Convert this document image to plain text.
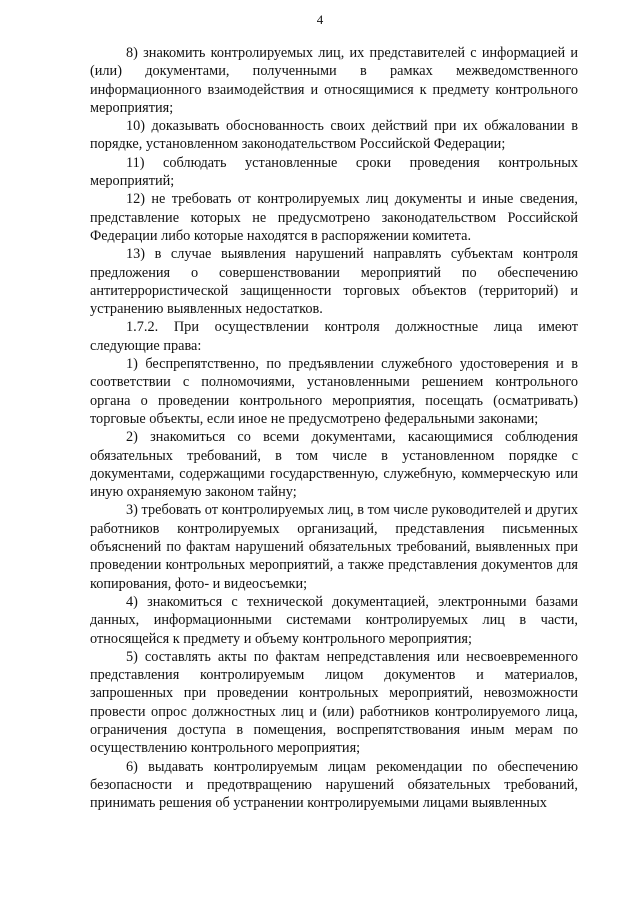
4

8) знакомить контролируемых лиц, их представителей с информацией и (или) документами, полученными в рамках межведомственного информационного взаимодействия и относящимися к предмету контрольного мероприятия;

10) доказывать обоснованность своих действий при их обжаловании в порядке, установленном законодательством Российской Федерации;

11) соблюдать установленные сроки проведения контрольных мероприятий;

12) не требовать от контролируемых лиц документы и иные сведения, представление которых не предусмотрено законодательством Российской Федерации либо которые находятся в распоряжении комитета.

13) в случае выявления нарушений направлять субъектам контроля предложения о совершенствовании мероприятий по обеспечению антитеррористической защищенности торговых объектов (территорий) и устранению выявленных недостатков.

1.7.2. При осуществлении контроля должностные лица имеют следующие права:

1) беспрепятственно, по предъявлении служебного удостоверения и в соответствии с полномочиями, установленными решением контрольного органа о проведении контрольного мероприятия, посещать (осматривать) торговые объекты, если иное не предусмотрено федеральными законами;

2) знакомиться со всеми документами, касающимися соблюдения обязательных требований, в том числе в установленном порядке с документами, содержащими государственную, служебную, коммерческую или иную охраняемую законом тайну;

3) требовать от контролируемых лиц, в том числе руководителей и других работников контролируемых организаций, представления письменных объяснений по фактам нарушений обязательных требований, выявленных при проведении контрольных мероприятий, а также представления документов для копирования, фото- и видеосъемки;

4) знакомиться с технической документацией, электронными базами данных, информационными системами контролируемых лиц в части, относящейся к предмету и объему контрольного мероприятия;

5) составлять акты по фактам непредставления или несвоевременного представления контролируемым лицом документов и материалов, запрошенных при проведении контрольных мероприятий, невозможности провести опрос должностных лиц и (или) работников контролируемого лица, ограничения доступа в помещения, воспрепятствования иным мерам по осуществлению контрольного мероприятия;

6) выдавать контролируемым лицам рекомендации по обеспечению безопасности и предотвращению нарушений обязательных требований, принимать решения об устранении контролируемыми лицами выявленных
